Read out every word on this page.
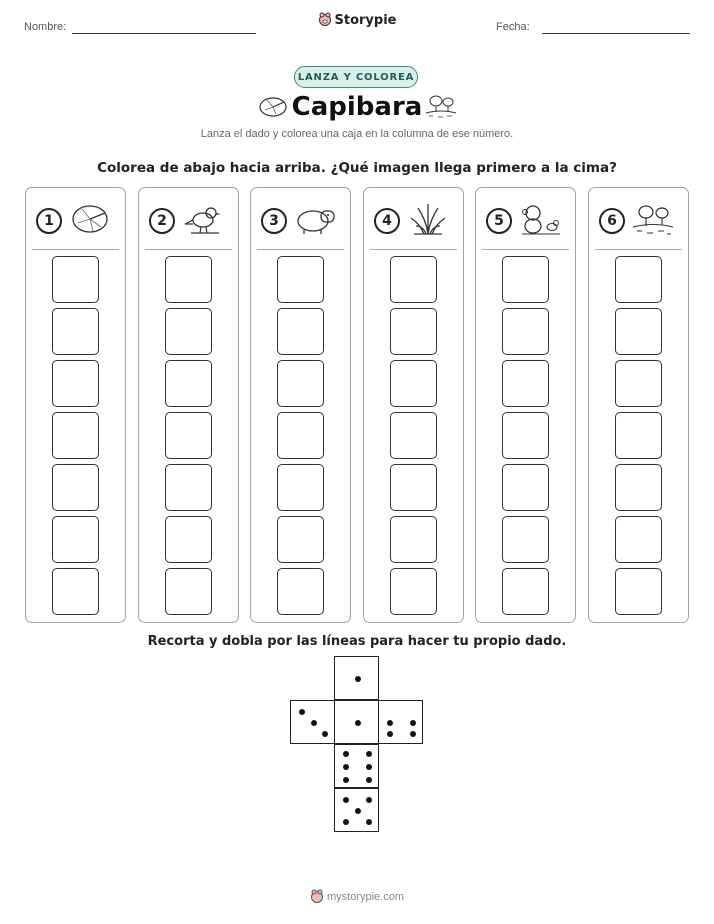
Nombre:	Fecha:
Storypie
LANZA Y COLOREA
Capibara
Lanza el dado y colorea una caja en la columna de ese número.
Colorea de abajo hacia arriba. ¿Qué imagen llega primero a la cima?
1	2	3	4	5	6
Recorta y dobla por las líneas para hacer tu propio dado.
mystorypie.com
